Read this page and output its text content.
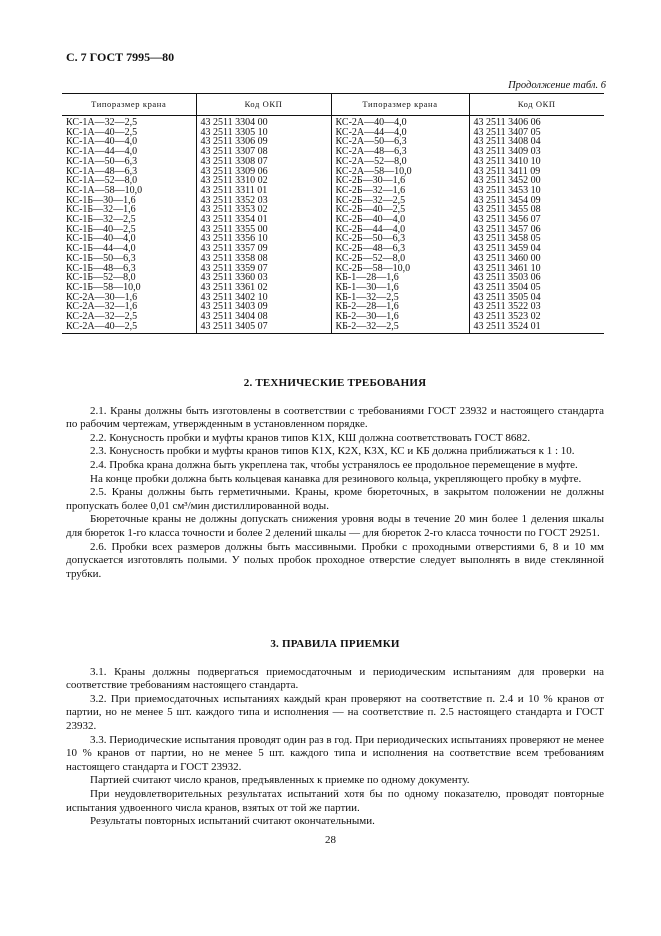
С. 7 ГОСТ 7995—80
Продолжение табл. 6
Типоразмер крана	Код ОКП	Типоразмер крана	Код ОКП
КС-1А—32—2,5	43 2511 3304 00	КС-2А—40—4,0	43 2511 3406 06
КС-1А—40—2,5	43 2511 3305 10	КС-2А—44—4,0	43 2511 3407 05
КС-1А—40—4,0	43 2511 3306 09	КС-2А—50—6,3	43 2511 3408 04
КС-1А—44—4,0	43 2511 3307 08	КС-2А—48—6,3	43 2511 3409 03
КС-1А—50—6,3	43 2511 3308 07	КС-2А—52—8,0	43 2511 3410 10
КС-1А—48—6,3	43 2511 3309 06	КС-2А—58—10,0	43 2511 3411 09
КС-1А—52—8,0	43 2511 3310 02	КС-2Б—30—1,6	43 2511 3452 00
КС-1А—58—10,0	43 2511 3311 01	КС-2Б—32—1,6	43 2511 3453 10
КС-1Б—30—1,6	43 2511 3352 03	КС-2Б—32—2,5	43 2511 3454 09
КС-1Б—32—1,6	43 2511 3353 02	КС-2Б—40—2,5	43 2511 3455 08
КС-1Б—32—2,5	43 2511 3354 01	КС-2Б—40—4,0	43 2511 3456 07
КС-1Б—40—2,5	43 2511 3355 00	КС-2Б—44—4,0	43 2511 3457 06
КС-1Б—40—4,0	43 2511 3356 10	КС-2Б—50—6,3	43 2511 3458 05
КС-1Б—44—4,0	43 2511 3357 09	КС-2Б—48—6,3	43 2511 3459 04
КС-1Б—50—6,3	43 2511 3358 08	КС-2Б—52—8,0	43 2511 3460 00
КС-1Б—48—6,3	43 2511 3359 07	КС-2Б—58—10,0	43 2511 3461 10
КС-1Б—52—8,0	43 2511 3360 03	КБ-1—28—1,6	43 2511 3503 06
КС-1Б—58—10,0	43 2511 3361 02	КБ-1—30—1,6	43 2511 3504 05
КС-2А—30—1,6	43 2511 3402 10	КБ-1—32—2,5	43 2511 3505 04
КС-2А—32—1,6	43 2511 3403 09	КБ-2—28—1,6	43 2511 3522 03
КС-2А—32—2,5	43 2511 3404 08	КБ-2—30—1,6	43 2511 3523 02
КС-2А—40—2,5	43 2511 3405 07	КБ-2—32—2,5	43 2511 3524 01
2. ТЕХНИЧЕСКИЕ ТРЕБОВАНИЯ

2.1. Краны должны быть изготовлены в соответствии с требованиями ГОСТ 23932 и настоящего стандарта по рабочим чертежам, утвержденным в установленном порядке.

2.2. Конусность пробки и муфты кранов типов К1Х, КШ должна соответствовать ГОСТ 8682.

2.3. Конусность пробки и муфты кранов типов К1Х, К2Х, К3Х, КС и КБ должна приближаться к 1 : 10.

2.4. Пробка крана должна быть укреплена так, чтобы устранялось ее продольное перемещение в муфте.

На конце пробки должна быть кольцевая канавка для резинового кольца, укрепляющего пробку в муфте.

2.5. Краны должны быть герметичными. Краны, кроме бюреточных, в закрытом положении не должны пропускать более 0,01 см³/мин дистиллированной воды.

Бюреточные краны не должны допускать снижения уровня воды в течение 20 мин более 1 деления шкалы для бюреток 1-го класса точности и более 2 делений шкалы — для бюреток 2-го класса точности по ГОСТ 29251.

2.6. Пробки всех размеров должны быть массивными. Пробки с проходными отверстиями 6, 8 и 10 мм допускается изготовлять полыми. У полых пробок проходное отверстие следует выполнять в виде стеклянной трубки.

3. ПРАВИЛА ПРИЕМКИ

3.1. Краны должны подвергаться приемосдаточным и периодическим испытаниям для проверки на соответствие требованиям настоящего стандарта.

3.2. При приемосдаточных испытаниях каждый кран проверяют на соответствие п. 2.4 и 10 % кранов от партии, но не менее 5 шт. каждого типа и исполнения — на соответствие п. 2.5 настоящего стандарта и ГОСТ 23932.

3.3. Периодические испытания проводят один раз в год. При периодических испытаниях проверяют не менее 10 % кранов от партии, но не менее 5 шт. каждого типа и исполнения на соответствие всем требованиям настоящего стандарта и ГОСТ 23932.

Партией считают число кранов, предъявленных к приемке по одному документу.

При неудовлетворительных результатах испытаний хотя бы по одному показателю, проводят повторные испытания удвоенного числа кранов, взятых от той же партии.

Результаты повторных испытаний считают окончательными.

28
